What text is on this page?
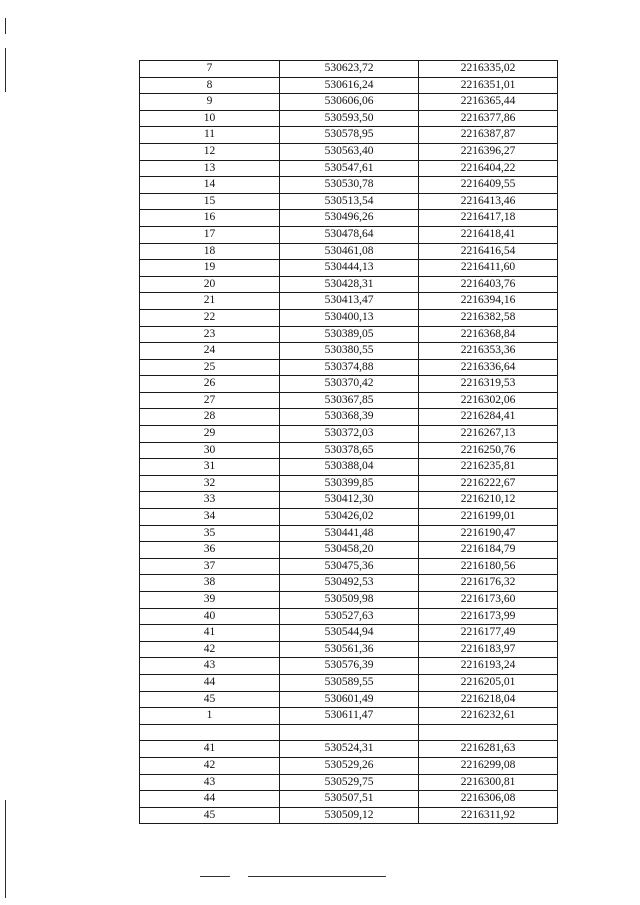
7	530623,72	2216335,02
8	530616,24	2216351,01
9	530606,06	2216365,44
10	530593,50	2216377,86
11	530578,95	2216387,87
12	530563,40	2216396,27
13	530547,61	2216404,22
14	530530,78	2216409,55
15	530513,54	2216413,46
16	530496,26	2216417,18
17	530478,64	2216418,41
18	530461,08	2216416,54
19	530444,13	2216411,60
20	530428,31	2216403,76
21	530413,47	2216394,16
22	530400,13	2216382,58
23	530389,05	2216368,84
24	530380,55	2216353,36
25	530374,88	2216336,64
26	530370,42	2216319,53
27	530367,85	2216302,06
28	530368,39	2216284,41
29	530372,03	2216267,13
30	530378,65	2216250,76
31	530388,04	2216235,81
32	530399,85	2216222,67
33	530412,30	2216210,12
34	530426,02	2216199,01
35	530441,48	2216190,47
36	530458,20	2216184,79
37	530475,36	2216180,56
38	530492,53	2216176,32
39	530509,98	2216173,60
40	530527,63	2216173,99
41	530544,94	2216177,49
42	530561,36	2216183,97
43	530576,39	2216193,24
44	530589,55	2216205,01
45	530601,49	2216218,04
1	530611,47	2216232,61

41	530524,31	2216281,63
42	530529,26	2216299,08
43	530529,75	2216300,81
44	530507,51	2216306,08
45	530509,12	2216311,92
